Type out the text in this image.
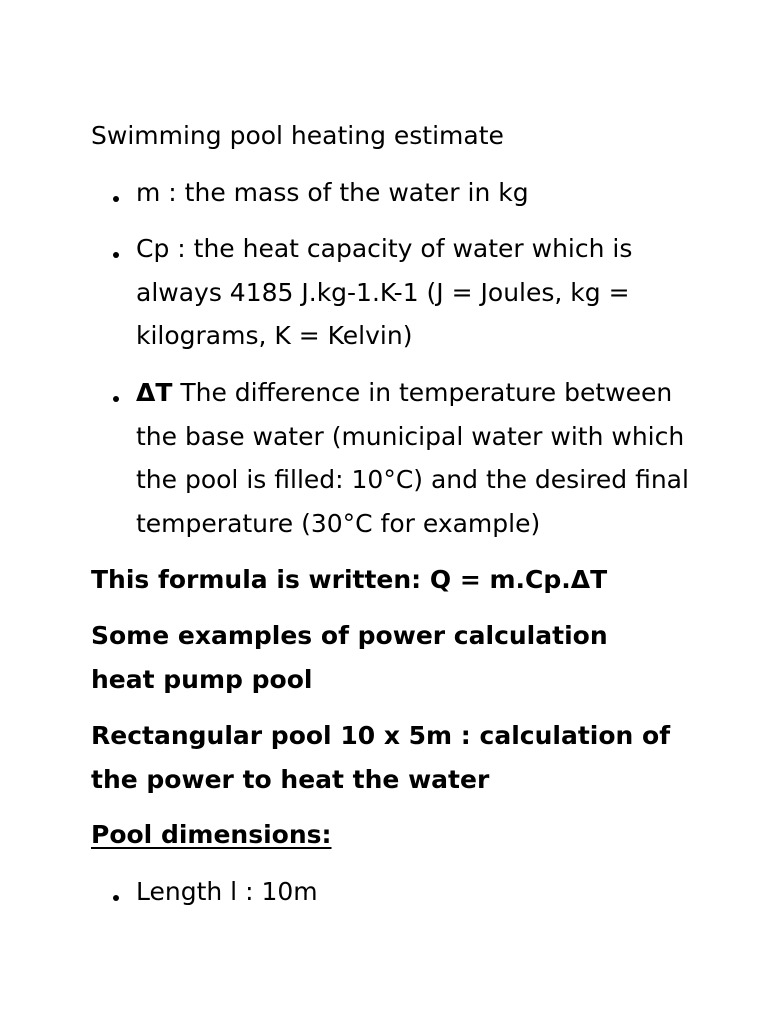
Swimming pool heating estimate
m : the mass of the water in kg
Cp : the heat capacity of water which is always 4185 J.kg-1.K-1 (J = Joules, kg = kilograms, K = Kelvin)
ΔT The difference in temperature between the base water (municipal water with which the pool is filled: 10°C) and the desired final temperature (30°C for example)
This formula is written: Q = m.Cp.ΔT
Some examples of power calculation heat pump pool
Rectangular pool 10 x 5m : calculation of the power to heat the water
Pool dimensions:
Length l : 10m
